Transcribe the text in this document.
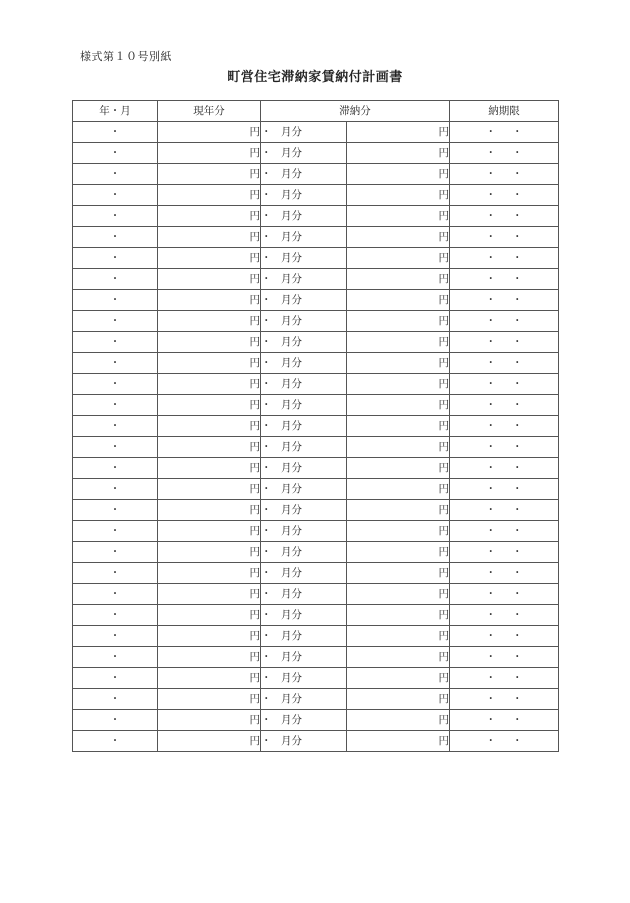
様式第１０号別紙
町営住宅滞納家賃納付計画書
年・月	現年分	滞納分		納期限
・	円	・ 月分	円	・ ・
・	円	・ 月分	円	・ ・
・	円	・ 月分	円	・ ・
・	円	・ 月分	円	・ ・
・	円	・ 月分	円	・ ・
・	円	・ 月分	円	・ ・
・	円	・ 月分	円	・ ・
・	円	・ 月分	円	・ ・
・	円	・ 月分	円	・ ・
・	円	・ 月分	円	・ ・
・	円	・ 月分	円	・ ・
・	円	・ 月分	円	・ ・
・	円	・ 月分	円	・ ・
・	円	・ 月分	円	・ ・
・	円	・ 月分	円	・ ・
・	円	・ 月分	円	・ ・
・	円	・ 月分	円	・ ・
・	円	・ 月分	円	・ ・
・	円	・ 月分	円	・ ・
・	円	・ 月分	円	・ ・
・	円	・ 月分	円	・ ・
・	円	・ 月分	円	・ ・
・	円	・ 月分	円	・ ・
・	円	・ 月分	円	・ ・
・	円	・ 月分	円	・ ・
・	円	・ 月分	円	・ ・
・	円	・ 月分	円	・ ・
・	円	・ 月分	円	・ ・
・	円	・ 月分	円	・ ・
・	円	・ 月分	円	・ ・
